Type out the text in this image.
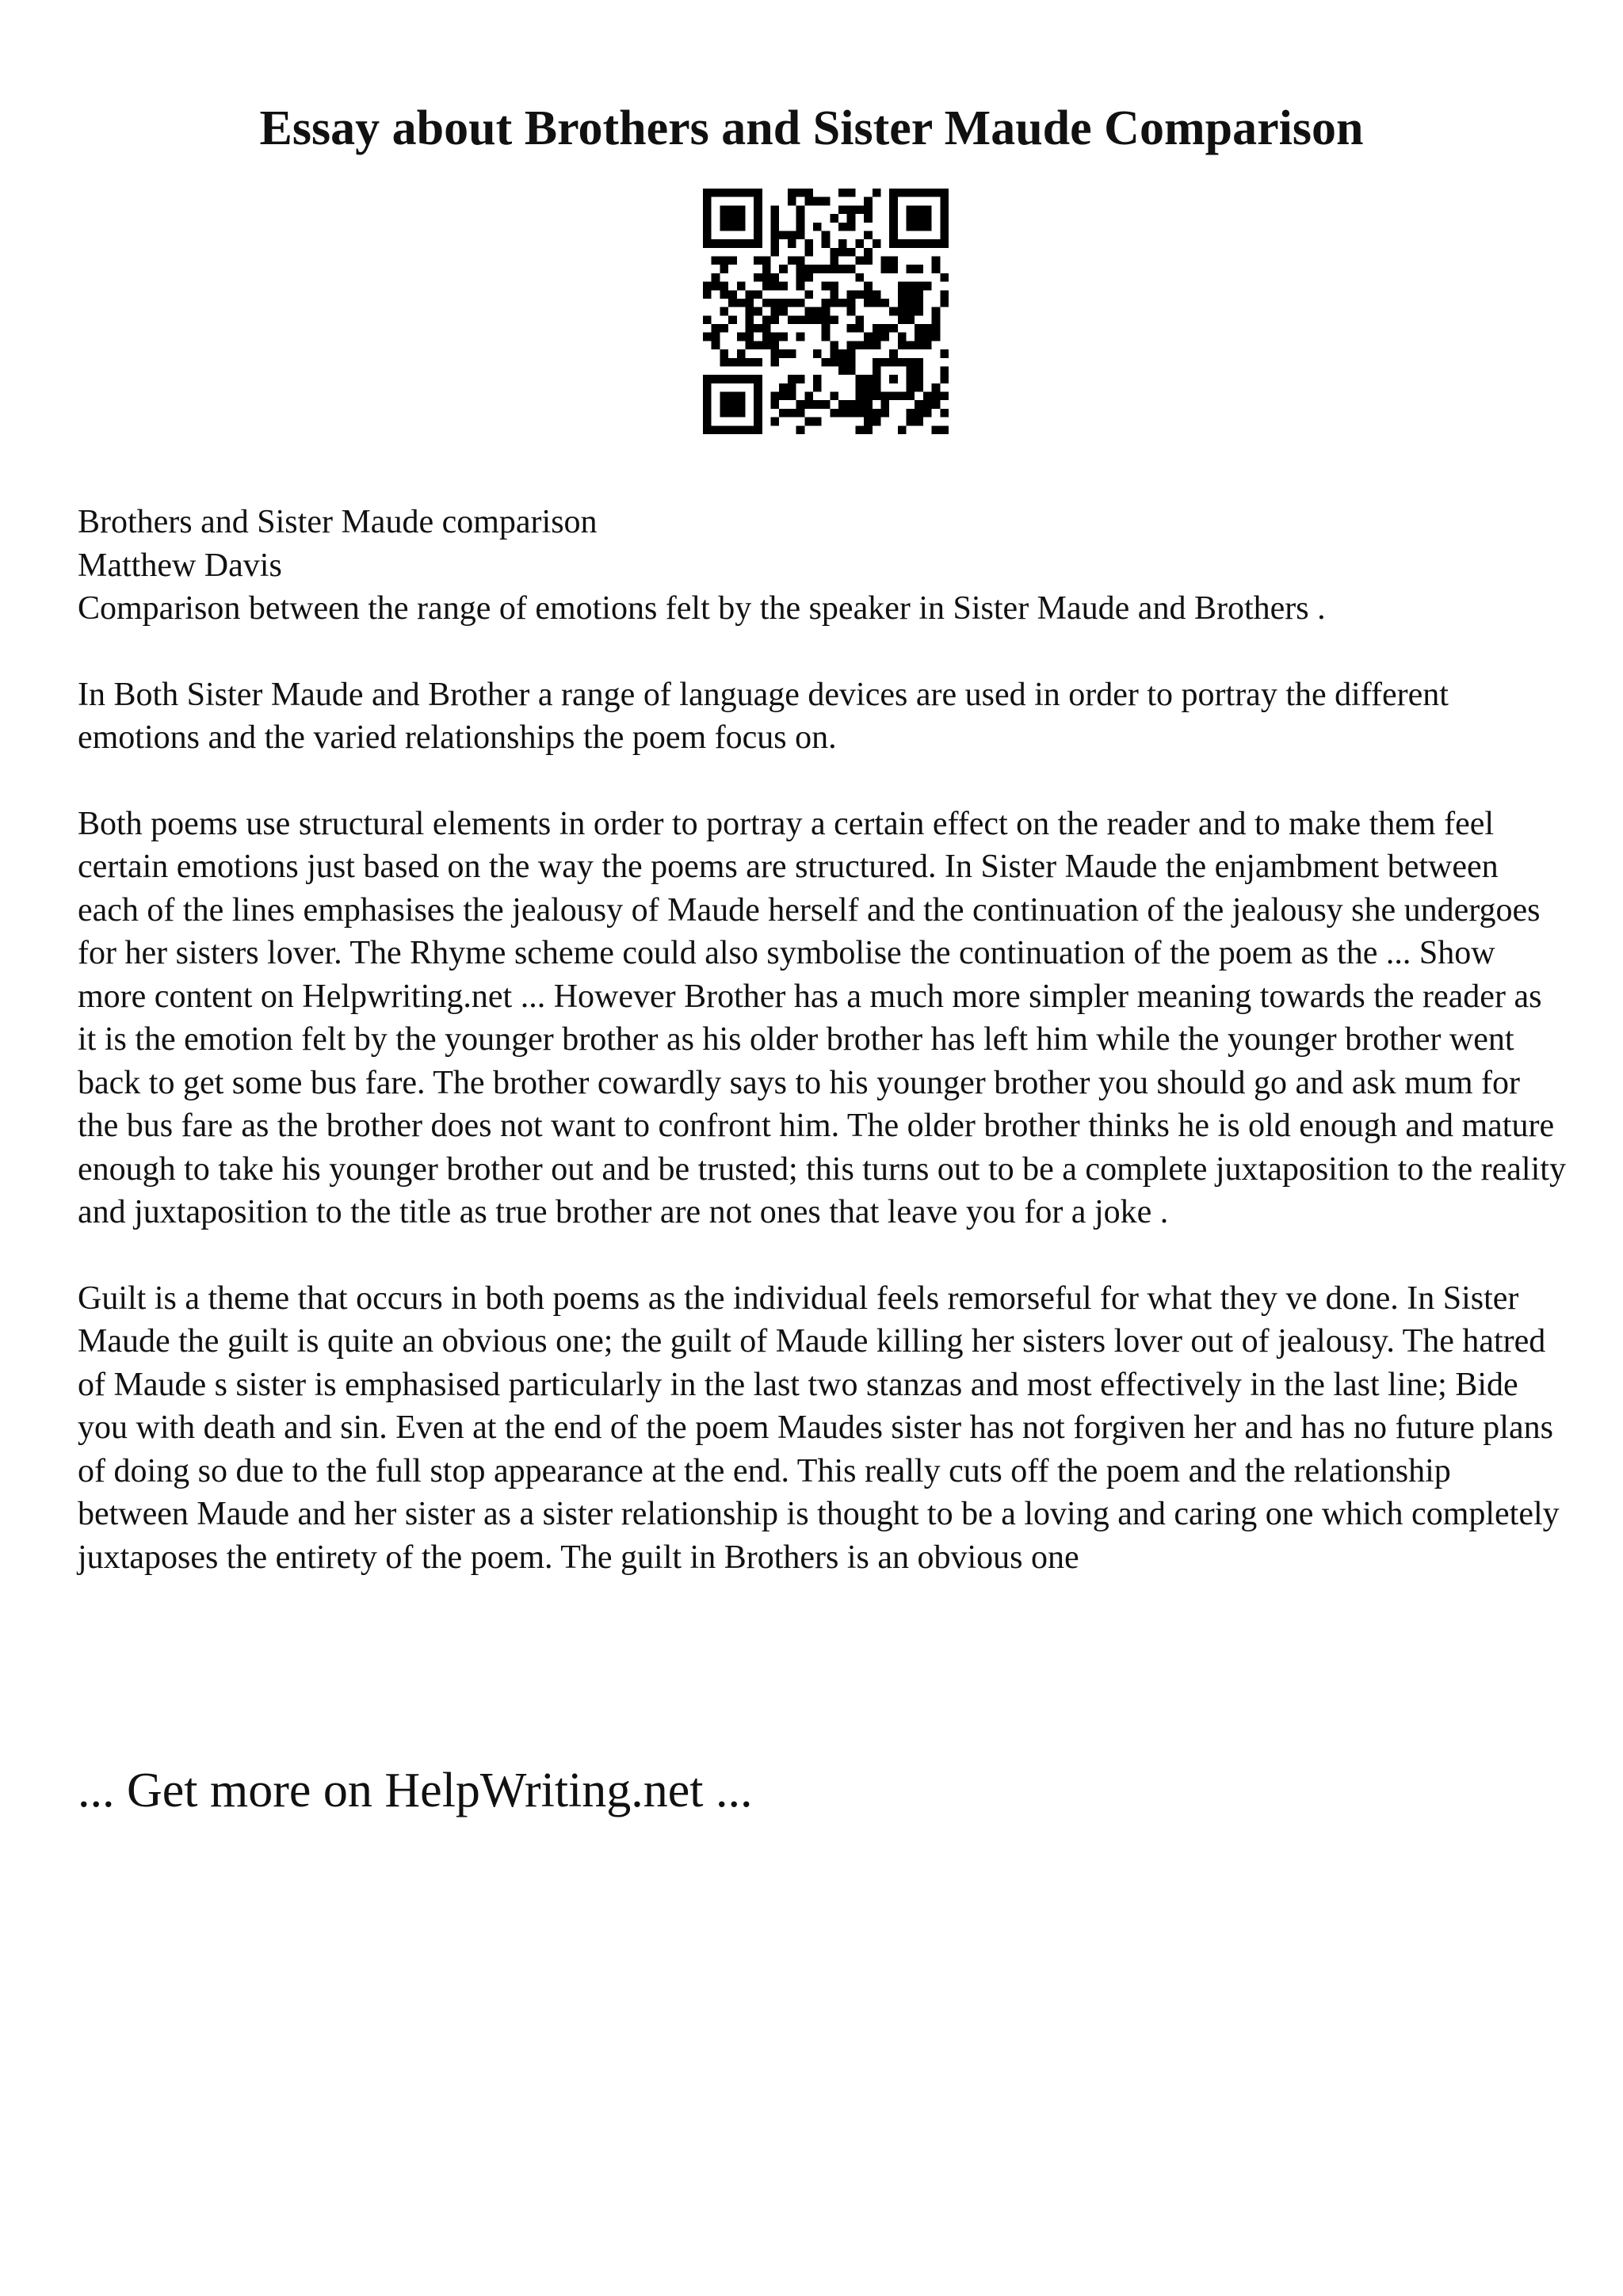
Essay about Brothers and Sister Maude Comparison

Brothers and Sister Maude comparison

Matthew Davis

Comparison between the range of emotions felt by the speaker in Sister Maude and Brothers .

In Both Sister Maude and Brother a range of language devices are used in order to portray the different emotions and the varied relationships the poem focus on.

Both poems use structural elements in order to portray a certain effect on the reader and to make them feel certain emotions just based on the way the poems are structured. In Sister Maude the enjambment between each of the lines emphasises the jealousy of Maude herself and the continuation of the jealousy she undergoes for her sisters lover. The Rhyme scheme could also symbolise the continuation of the poem as the ... Show more content on Helpwriting.net ... However Brother has a much more simpler meaning towards the reader as it is the emotion felt by the younger brother as his older brother has left him while the younger brother went back to get some bus fare. The brother cowardly says to his younger brother you should go and ask mum for the bus fare as the brother does not want to confront him. The older brother thinks he is old enough and mature enough to take his younger brother out and be trusted; this turns out to be a complete juxtaposition to the reality and juxtaposition to the title as true brother are not ones that leave you for a joke .

Guilt is a theme that occurs in both poems as the individual feels remorseful for what they ve done. In Sister Maude the guilt is quite an obvious one; the guilt of Maude killing her sisters lover out of jealousy. The hatred of Maude s sister is emphasised particularly in the last two stanzas and most effectively in the last line; Bide you with death and sin. Even at the end of the poem Maudes sister has not forgiven her and has no future plans of doing so due to the full stop appearance at the end. This really cuts off the poem and the relationship between Maude and her sister as a sister relationship is thought to be a loving and caring one which completely juxtaposes the entirety of the poem. The guilt in Brothers is an obvious one

... Get more on HelpWriting.net ...
